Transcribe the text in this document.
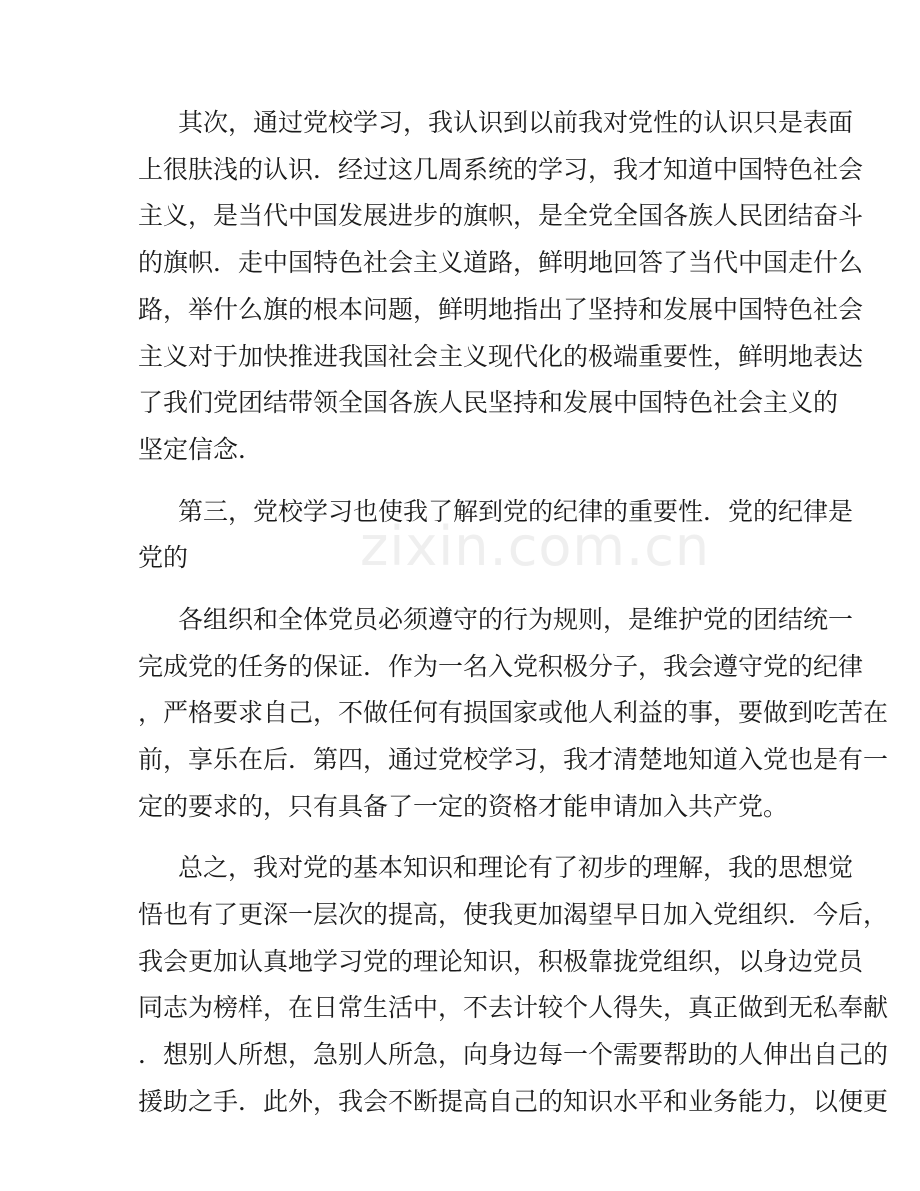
zixin.com.cn
其次，通过党校学习，我认识到以前我对党性的认识只是表面
上很肤浅的认识．经过这几周系统的学习，我才知道中国特色社会
主义，是当代中国发展进步的旗帜，是全党全国各族人民团结奋斗
的旗帜．走中国特色社会主义道路，鲜明地回答了当代中国走什么
路，举什么旗的根本问题，鲜明地指出了坚持和发展中国特色社会
主义对于加快推进我国社会主义现代化的极端重要性，鲜明地表达
了我们党团结带领全国各族人民坚持和发展中国特色社会主义的
坚定信念．
第三，党校学习也使我了解到党的纪律的重要性．党的纪律是
党的
各组织和全体党员必须遵守的行为规则，是维护党的团结统一
完成党的任务的保证．作为一名入党积极分子，我会遵守党的纪律
，严格要求自己，不做任何有损国家或他人利益的事，要做到吃苦在
前，享乐在后．第四，通过党校学习，我才清楚地知道入党也是有一
定的要求的，只有具备了一定的资格才能申请加入共产党。
总之，我对党的基本知识和理论有了初步的理解，我的思想觉
悟也有了更深一层次的提高，使我更加渴望早日加入党组织．今后，
我会更加认真地学习党的理论知识，积极靠拢党组织，以身边党员
同志为榜样，在日常生活中，不去计较个人得失，真正做到无私奉献
．想别人所想，急别人所急，向身边每一个需要帮助的人伸出自己的
援助之手．此外，我会不断提高自己的知识水平和业务能力，以便更
